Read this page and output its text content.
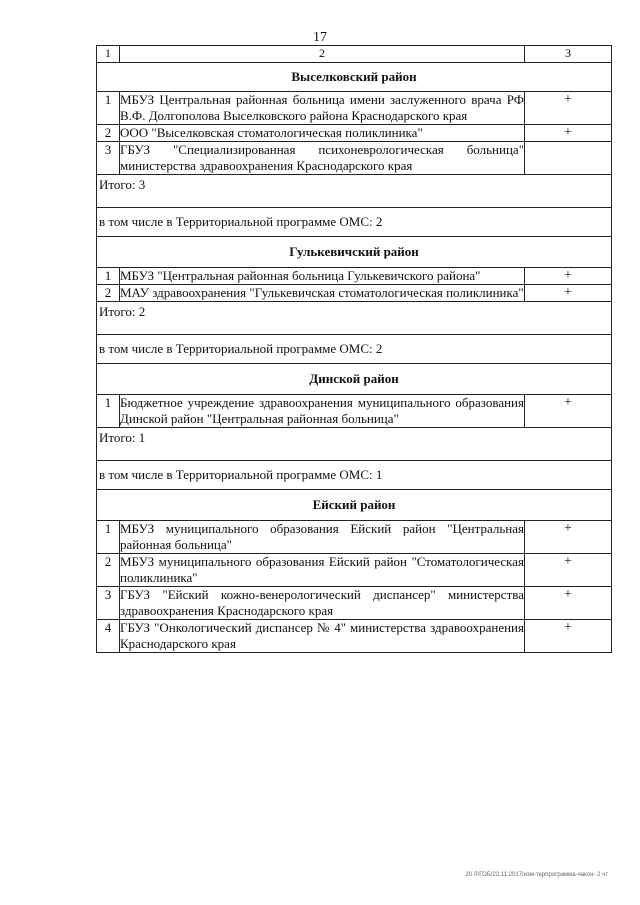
17
1	2	3
Выселковский район		
1	МБУЗ Центральная районная больница имени заслуженного врача РФ В.Ф. Долгополова Выселковского района Краснодарского края	+
2	ООО "Выселковская стоматологическая поликлиника"	+
3	ГБУЗ "Специализированная психоневрологическая больница" министерства здравоохранения Краснодарского края	

Итого: 3		

в том числе в Территориальной программе ОМС: 2		
Гулькевичский район		
1	МБУЗ "Центральная районная больница Гулькевичского района"	+
2	МАУ здравоохранения "Гулькевичская стоматологическая поликлиника"	+

Итого: 2		

в том числе в Территориальной программе ОМС: 2		
Динской район		
1	Бюджетное учреждение здравоохранения муниципального образования Динской район "Центральная районная больница"	+

Итого: 1		

в том числе в Территориальной программе ОМС: 1		
Ейский район		
1	МБУЗ муниципального образования Ейский район "Центральная районная больница"	+
2	МБУЗ муниципального образования Ейский район "Стоматологическая поликлиника"	+
3	ГБУЗ "Ейский кожно-венерологический диспансер" министерства здравоохранения Краснодарского края	+
4	ГБУЗ "Онкологический диспансер № 4" министерства здравоохранения Краснодарского края	+
20 Л/ГОБ/22.11.2017/изм-терпрограмма-чакон- 2 чт
